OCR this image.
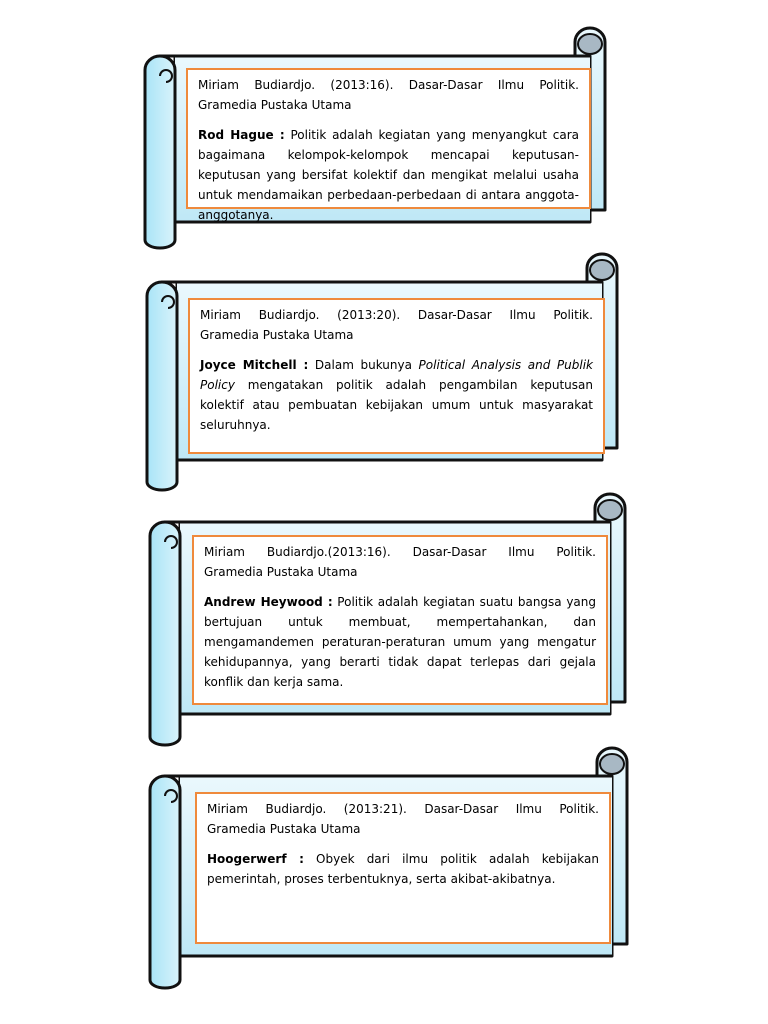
Miriam Budiardjo. (2013:16). Dasar-Dasar Ilmu Politik.
Gramedia Pustaka Utama

Rod Hague : Politik adalah kegiatan yang menyangkut cara bagaimana kelompok-kelompok mencapai keputusan-keputusan yang bersifat kolektif dan mengikat melalui usaha untuk mendamaikan perbedaan-perbedaan di antara anggota-anggotanya.

Miriam Budiardjo. (2013:20). Dasar-Dasar Ilmu Politik.
Gramedia Pustaka Utama

Joyce Mitchell : Dalam bukunya Political Analysis and Publik Policy mengatakan politik adalah pengambilan keputusan kolektif atau pembuatan kebijakan umum untuk masyarakat seluruhnya.

Miriam Budiardjo.(2013:16). Dasar-Dasar Ilmu Politik.
Gramedia Pustaka Utama

Andrew Heywood : Politik adalah kegiatan suatu bangsa yang bertujuan untuk membuat, mempertahankan, dan mengamandemen peraturan-peraturan umum yang mengatur kehidupannya, yang berarti tidak dapat terlepas dari gejala konflik dan kerja sama.

Miriam Budiardjo. (2013:21). Dasar-Dasar Ilmu Politik.
Gramedia Pustaka Utama

Hoogerwerf : Obyek dari ilmu politik adalah kebijakan pemerintah, proses terbentuknya, serta akibat-akibatnya.
